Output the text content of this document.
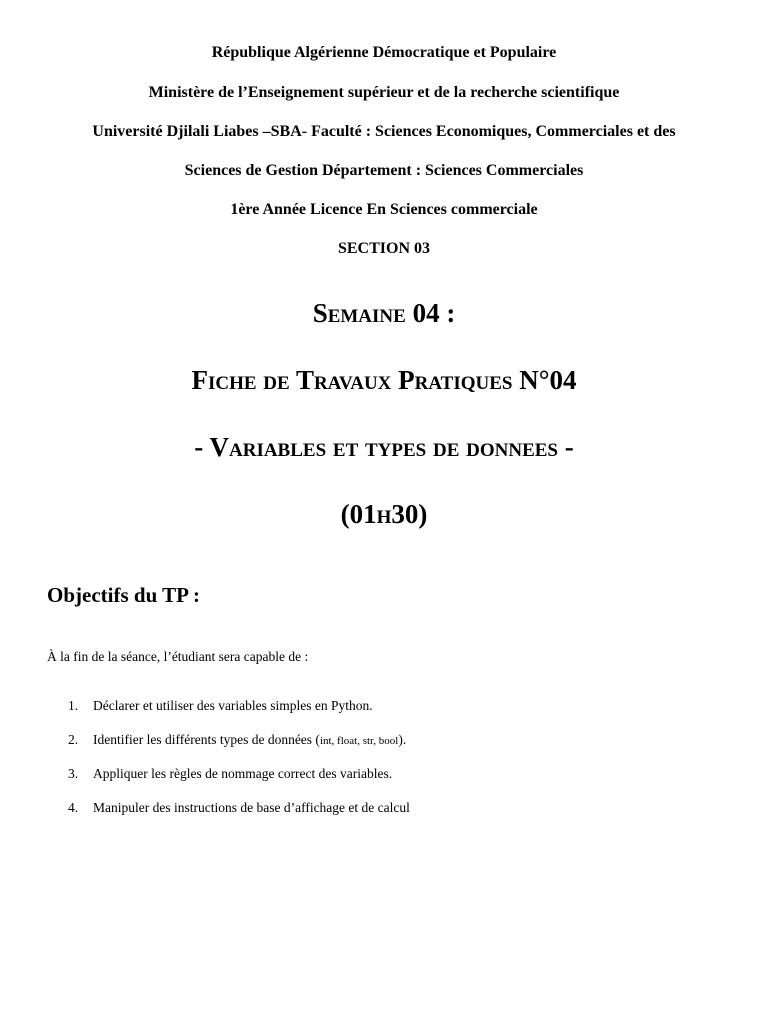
République Algérienne Démocratique et Populaire
Ministère de l’Enseignement supérieur et de la recherche scientifique
Université Djilali Liabes –SBA- Faculté : Sciences Economiques, Commerciales et des
Sciences de Gestion Département : Sciences Commerciales
1ère Année Licence En Sciences commerciale
SECTION 03
Semaine 04 :
Fiche de Travaux Pratiques N°04
- Variables et types de donnees -
(01h30)
Objectifs du TP :
À la fin de la séance, l’étudiant sera capable de :
1. Déclarer et utiliser des variables simples en Python.
2. Identifier les différents types de données (int, float, str, bool).
3. Appliquer les règles de nommage correct des variables.
4. Manipuler des instructions de base d’affichage et de calcul
